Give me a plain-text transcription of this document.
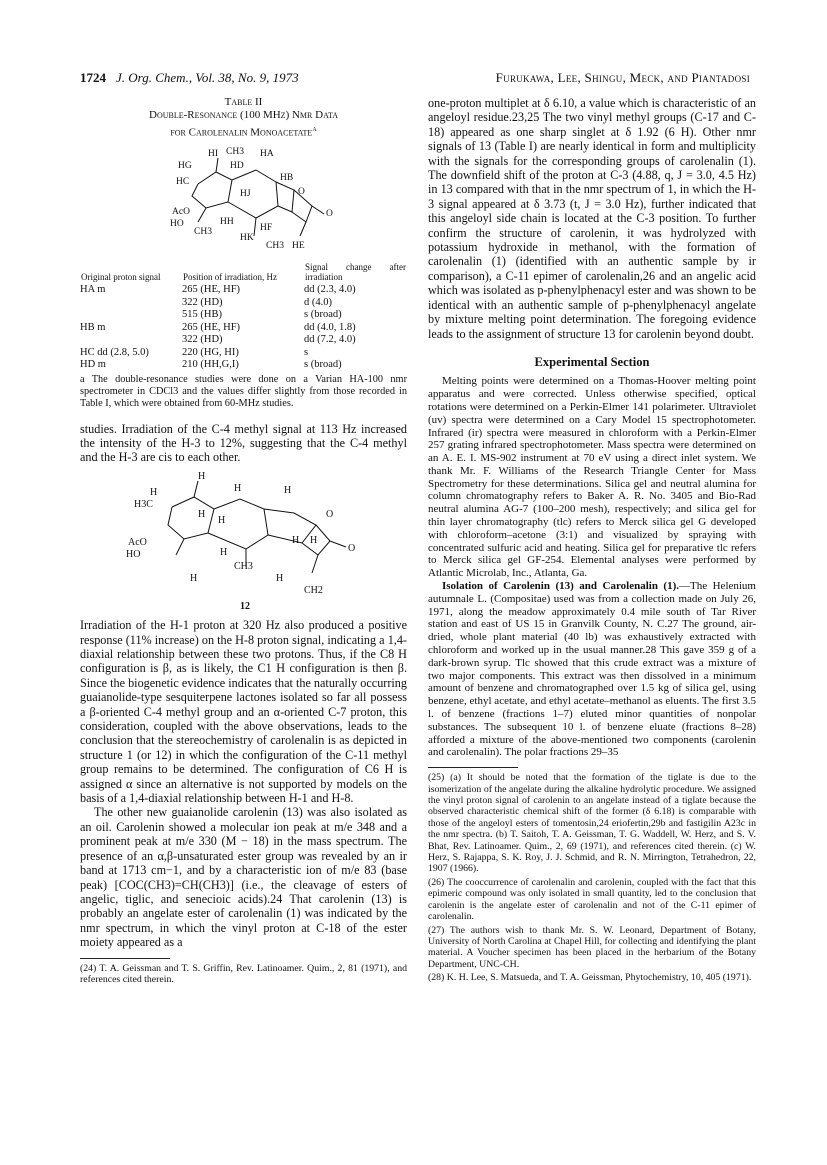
1724 J. Org. Chem., Vol. 38, No. 9, 1973	Furukawa, Lee, Shingu, Meck, and Piantadosi
Table II
Double-Resonance (100 MHz) Nmr Data
for Carolenalin Monoacetate$^a$
HI CH3 HA
HG	HD
HC	HB
HJ	O
AcO
HO
CH3
HH
HF
HK
CH3 HE
O
Original proton signal	Position of irradiation, Hz	Signal change after irradiation
HA m	265 (HE, HF)	dd (2.3, 4.0)
	322 (HD)	d (4.0)
	515 (HB)	s (broad)
HB m	265 (HE, HF)	dd (4.0, 1.8)
	322 (HD)	dd (7.2, 4.0)
HC dd (2.8, 5.0)	220 (HG, HI)	s
HD m	210 (HH,G,I)	s (broad)

a The double-resonance studies were done on a Varian HA-100 nmr spectrometer in CDCl3 and the values differ slightly from those recorded in Table I, which were obtained from 60-MHz studies.

studies. Irradiation of the C-4 methyl signal at 113 Hz increased the intensity of the H-3 to 12%, suggesting that the C-4 methyl and the H-3 are cis to each other.

H
H	H	H
H3C
H
H
O
AcO
HO	H
CH3
H H
O
H	H
CH2
12

Irradiation of the H-1 proton at 320 Hz also produced a positive response (11% increase) on the H-8 proton signal, indicating a 1,4-diaxial relationship between these two protons. Thus, if the C8 H configuration is β, as is likely, the C1 H configuration is then β. Since the biogenetic evidence indicates that the naturally occurring guaianolide-type sesquiterpene lactones isolated so far all possess a β-oriented C-4 methyl group and an α-oriented C-7 proton, this consideration, coupled with the above observations, leads to the conclusion that the stereochemistry of carolenalin is as depicted in structure 1 (or 12) in which the configuration of the C-11 methyl group remains to be determined. The configuration of C6 H is assigned α since an alternative is not supported by models on the basis of a 1,4-diaxial relationship between H-1 and H-8.

The other new guaianolide carolenin (13) was also isolated as an oil. Carolenin showed a molecular ion peak at m/e 348 and a prominent peak at m/e 330 (M − 18) in the mass spectrum. The presence of an α,β-unsaturated ester group was revealed by an ir band at 1713 cm−1, and by a characteristic ion of m/e 83 (base peak) [COC(CH3)=CH(CH3)] (i.e., the cleavage of esters of angelic, tiglic, and senecioic acids).24 That carolenin (13) is probably an angelate ester of carolenalin (1) was indicated by the nmr spectrum, in which the vinyl proton at C-18 of the ester moiety appeared as a

(24) T. A. Geissman and T. S. Griffin, Rev. Latinoamer. Quim., 2, 81 (1971), and references cited therein.

one-proton multiplet at δ 6.10, a value which is characteristic of an angeloyl residue.23,25 The two vinyl methyl groups (C-17 and C-18) appeared as one sharp singlet at δ 1.92 (6 H). Other nmr signals of 13 (Table I) are nearly identical in form and multiplicity with the signals for the corresponding groups of carolenalin (1). The downfield shift of the proton at C-3 (4.88, q, J = 3.0, 4.5 Hz) in 13 compared with that in the nmr spectrum of 1, in which the H-3 signal appeared at δ 3.73 (t, J = 3.0 Hz), further indicated that this angeloyl side chain is located at the C-3 position. To further confirm the structure of carolenin, it was hydrolyzed with potassium hydroxide in methanol, with the formation of carolenalin (1) (identified with an authentic sample by ir comparison), a C-11 epimer of carolenalin,26 and an angelic acid which was isolated as p-phenylphenacyl ester and was shown to be identical with an authentic sample of p-phenylphenacyl angelate by mixture melting point determination. The foregoing evidence leads to the assignment of structure 13 for carolenin beyond doubt.

Experimental Section

Melting points were determined on a Thomas-Hoover melting point apparatus and were corrected. Unless otherwise specified, optical rotations were determined on a Perkin-Elmer 141 polarimeter. Ultraviolet (uv) spectra were determined on a Cary Model 15 spectrophotometer. Infrared (ir) spectra were measured in chloroform with a Perkin-Elmer 257 grating infrared spectrophotometer. Mass spectra were determined on an A. E. I. MS-902 instrument at 70 eV using a direct inlet system. We thank Mr. F. Williams of the Research Triangle Center for Mass Spectrometry for these determinations. Silica gel and neutral alumina for column chromatography refers to Baker A. R. No. 3405 and Bio-Rad neutral alumina AG-7 (100–200 mesh), respectively; and silica gel for thin layer chromatography (tlc) refers to Merck silica gel G developed with chloroform–acetone (3:1) and visualized by spraying with concentrated sulfuric acid and heating. Silica gel for preparative tlc refers to Merck silica gel GF-254. Elemental analyses were performed by Atlantic Microlab, Inc., Atlanta, Ga.

Isolation of Carolenin (13) and Carolenalin (1).—The Helenium autumnale L. (Compositae) used was from a collection made on July 26, 1971, along the meadow approximately 0.4 mile south of Tar River station and east of US 15 in Granvilk County, N. C.27 The ground, air-dried, whole plant material (40 lb) was exhaustively extracted with chloroform and worked up in the usual manner.28 This gave 359 g of a dark-brown syrup. Tlc showed that this crude extract was a mixture of two major components. This extract was then dissolved in a minimum amount of benzene and chromatographed over 1.5 kg of silica gel, using benzene, ethyl acetate, and ethyl acetate–methanol as eluents. The first 3.5 l. of benzene (fractions 1–7) eluted minor quantities of nonpolar substances. The subsequent 10 l. of benzene eluate (fractions 8–28) afforded a mixture of the above-mentioned two components (carolenin and carolenalin). The polar fractions 29–35

(25) (a) It should be noted that the formation of the tiglate is due to the isomerization of the angelate during the alkaline hydrolytic procedure. We assigned the vinyl proton signal of carolenin to an angelate instead of a tiglate because the observed characteristic chemical shift of the former (δ 6.18) is comparable with those of the angeloyl esters of tomentosin,24 eriofertin,29b and fastigilin A23c in the nmr spectra. (b) T. Saitoh, T. A. Geissman, T. G. Waddell, W. Herz, and S. V. Bhat, Rev. Latinoamer. Quim., 2, 69 (1971), and references cited therein. (c) W. Herz, S. Rajappa, S. K. Roy, J. J. Schmid, and R. N. Mirrington, Tetrahedron, 22, 1907 (1966).

(26) The cooccurrence of carolenalin and carolenin, coupled with the fact that this epimeric compound was only isolated in small quantity, led to the conclusion that carolenin is the angelate ester of carolenalin and not of the C-11 epimer of carolenalin.

(27) The authors wish to thank Mr. S. W. Leonard, Department of Botany, University of North Carolina at Chapel Hill, for collecting and identifying the plant material. A Voucher specimen has been placed in the herbarium of the Botany Department, UNC-CH.

(28) K. H. Lee, S. Matsueda, and T. A. Geissman, Phytochemistry, 10, 405 (1971).
